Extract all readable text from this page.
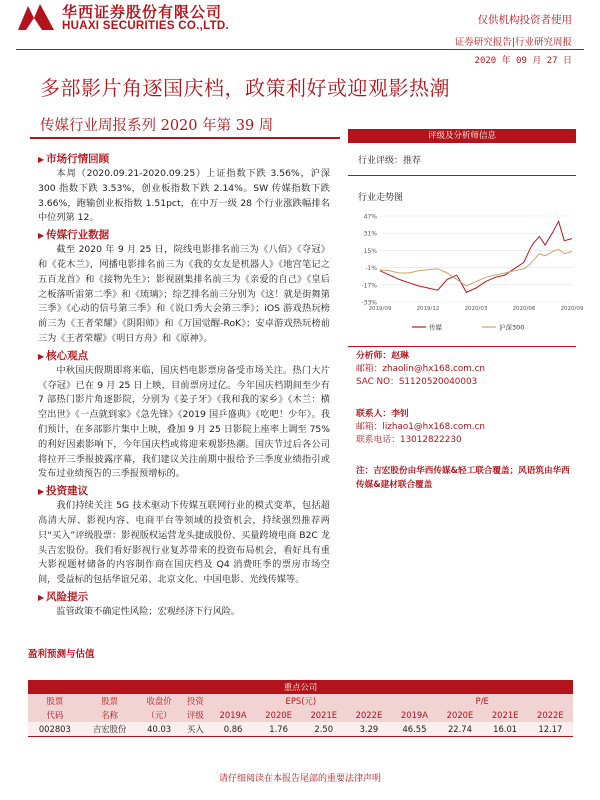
华西证券股份有限公司
HUAXI SECURITIES CO.,LTD.	仅供机构投资者使用
证券研究报告|行业研究周报
2020 年 09 月 27 日
多部影片角逐国庆档，政策利好或迎观影热潮
传媒行业周报系列 2020 年第 39 周
▶ 市场行情回顾

本周（2020.09.21-2020.09.25）上证指数下跌 3.56%，沪深 300 指数下跌 3.53%，创业板指数下跌 2.14%。SW 传媒指数下跌 3.66%，跑输创业板指数 1.51pct，在中万一级 28 个行业涨跌幅排名中位列第 12。

▶ 传媒行业数据

截至 2020 年 9 月 25 日，院线电影排名前三为《八佰》《夺冠》和《花木兰》，网播电影排名前三为《我的女友是机器人》《地宫笔记之五百龙首》和《接物先生》；影视剧集排名前三为《亲爱的自己》《皇后之板落听雷第二季》和《琉璃》；综艺排名前三分别为《这！就是街舞第三季》《心动的信号第三季》和《说口秀大会第三季》；iOS 游戏热玩榜前三为《王者荣耀》《阴阳师》和《万国觉醒-RoK》；安卓游戏热玩榜前三为《王者荣耀》《明日方舟》和《原神》。

▶ 核心观点

中秋国庆假期即将来临，国庆档电影票房备受市场关注。热门大片《夺冠》已在 9 月 25 日上映，目前票房过亿。今年国庆档期间至少有 7 部热门影片角逐影院，分别为《姜子牙》《我和我的家乡》《木兰：横空出世》《一点就到家》《急先锋》《2019 国乒盛典》《吃吧！少年》。我们预计，在多部影片集中上映，叠加 9 月 25 日影院上座率上调至 75%的利好因素影响下，今年国庆档或将迎来观影热潮。国庆节过后各公司将拉开三季报披露序幕，我们建议关注前期中报给予三季度业绩指引或发布过业绩预告的三季报预增标的。

▶ 投资建议

我们持续关注 5G 技术驱动下传媒互联网行业的模式变革，包括超高清大屏、影视内容、电商平台等领域的投资机会，持续强烈推荐两只“买入”评级股票：影视版权运营龙头捷成股份、买量跨境电商 B2C 龙头吉宏股份。我们看好影视行业复苏带来的投资布局机会，看好具有重大影视题材储备的内容制作商在国庆档及 Q4 消费旺季的票房市场空间，受益标的包括华谊兄弟、北京文化、中国电影、光线传媒等。

▶ 风险提示

监管政策不确定性风险；宏观经济下行风险。

评级及分析师信息
行业评级：推荐
行业走势图
47%
31%
15%
-1%
-17%
-33%
2019/09	2019/12	2020/03	2020/06	2020/09
传媒	沪深300
分析师：赵琳
邮箱：zhaolin@hx168.com.cn
SAC NO：S1120520040003
联系人：李钊
邮箱：lizhao1@hx168.com.cn
联系电话：13012822230
注：吉宏股份由华西传媒&轻工联合覆盖；风语筑由华西传媒&建材联合覆盖
盈利预测与估值
重点公司											
股票	股票	收盘价	投资	EPS(元)				P/E			
代码	名称	（元）	评级	2019A	2020E	2021E	2022E	2019A	2020E	2021E	2022E
002803	吉宏股份	40.03	买入	0.86	1.76	2.50	3.29	46.55	22.74	16.01	12.17
请仔细阅读在本报告尾部的重要法律声明
